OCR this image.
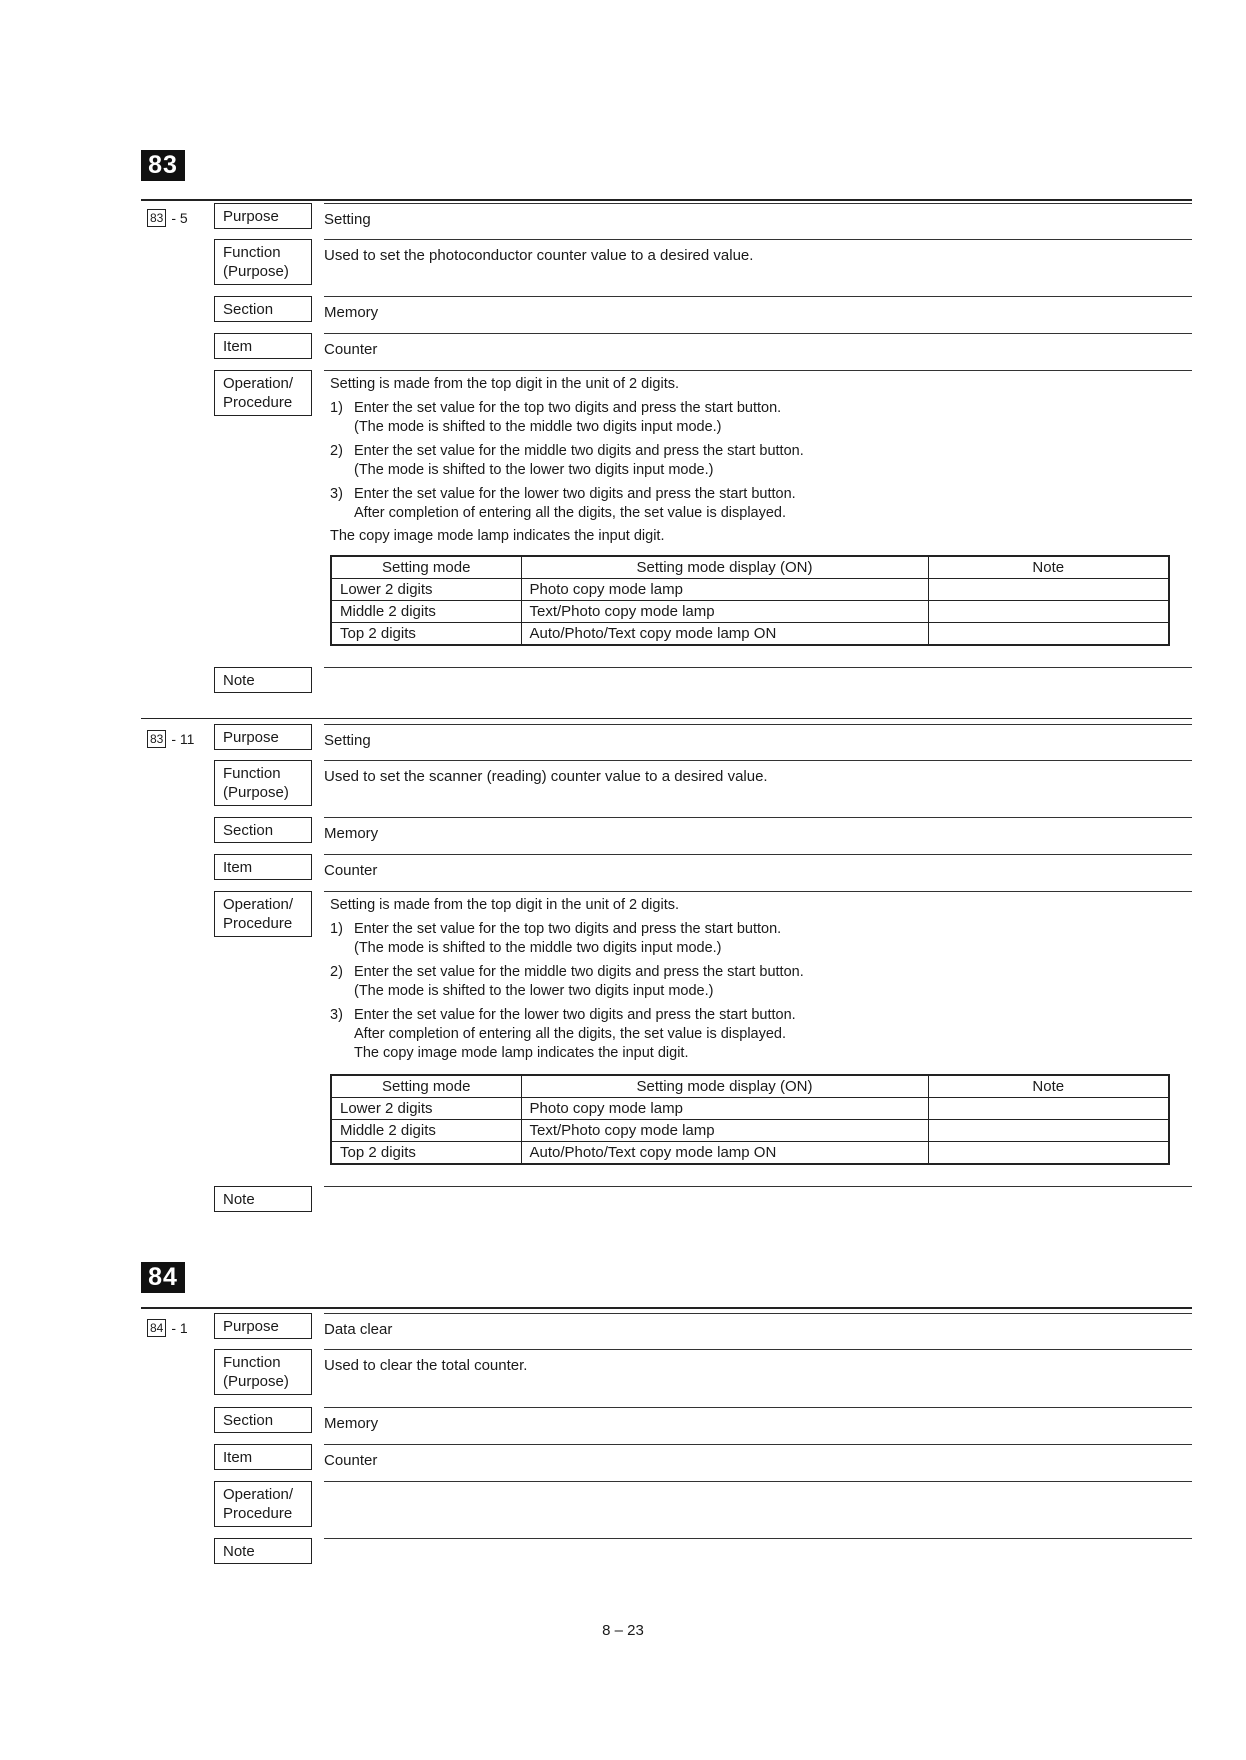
83
83 - 5	Purpose	Setting
Function
(Purpose)
Used to set the photoconductor counter value to a desired value.
Section	Memory
Item	Counter
Operation/
Procedure
Setting is made from the top digit in the unit of 2 digits.
1) Enter the set value for the top two digits and press the start button.
(The mode is shifted to the middle two digits input mode.)
2) Enter the set value for the middle two digits and press the start button.
(The mode is shifted to the lower two digits input mode.)
3) Enter the set value for the lower two digits and press the start button.
After completion of entering all the digits, the set value is displayed.
The copy image mode lamp indicates the input digit.
Setting mode	Setting mode display (ON)	Note
Lower 2 digits	Photo copy mode lamp	
Middle 2 digits	Text/Photo copy mode lamp	
Top 2 digits	Auto/Photo/Text copy mode lamp ON	
Note
83 - 11	Purpose	Setting
Function
(Purpose)
Used to set the scanner (reading) counter value to a desired value.
Section	Memory
Item	Counter
Operation/
Procedure
Setting is made from the top digit in the unit of 2 digits.
1) Enter the set value for the top two digits and press the start button.
(The mode is shifted to the middle two digits input mode.)
2) Enter the set value for the middle two digits and press the start button.
(The mode is shifted to the lower two digits input mode.)
3) Enter the set value for the lower two digits and press the start button.
After completion of entering all the digits, the set value is displayed.
The copy image mode lamp indicates the input digit.
Setting mode	Setting mode display (ON)	Note
Lower 2 digits	Photo copy mode lamp	
Middle 2 digits	Text/Photo copy mode lamp	
Top 2 digits	Auto/Photo/Text copy mode lamp ON	
Note
84
84 - 1	Purpose	Data clear
Function
(Purpose)
Used to clear the total counter.
Section	Memory
Item	Counter
Operation/
Procedure
Note
8 – 23
